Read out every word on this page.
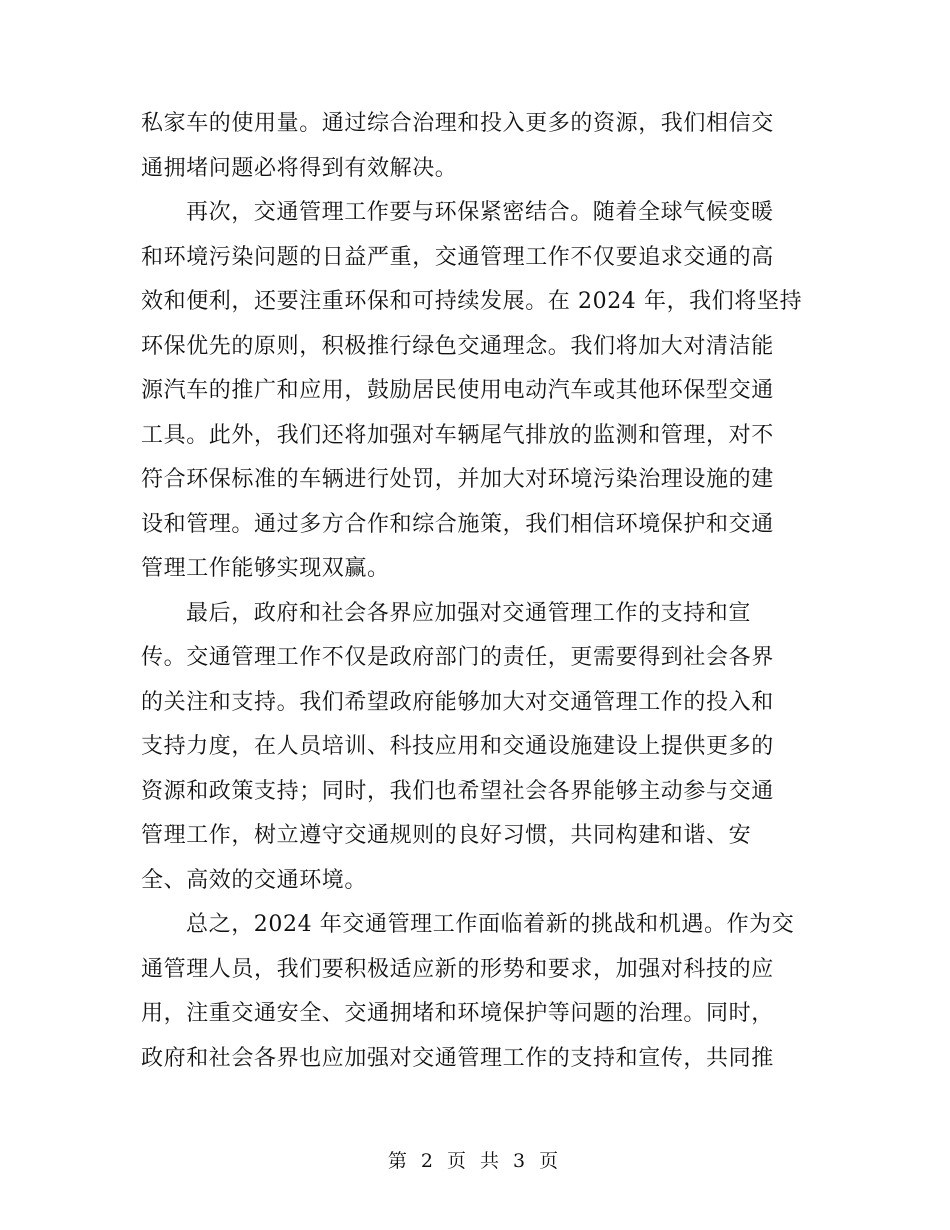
私家车的使用量。通过综合治理和投入更多的资源，我们相信交
通拥堵问题必将得到有效解决。
再次，交通管理工作要与环保紧密结合。随着全球气候变暖
和环境污染问题的日益严重，交通管理工作不仅要追求交通的高
效和便利，还要注重环保和可持续发展。在 2024 年，我们将坚持
环保优先的原则，积极推行绿色交通理念。我们将加大对清洁能
源汽车的推广和应用，鼓励居民使用电动汽车或其他环保型交通
工具。此外，我们还将加强对车辆尾气排放的监测和管理，对不
符合环保标准的车辆进行处罚，并加大对环境污染治理设施的建
设和管理。通过多方合作和综合施策，我们相信环境保护和交通
管理工作能够实现双赢。
最后，政府和社会各界应加强对交通管理工作的支持和宣
传。交通管理工作不仅是政府部门的责任，更需要得到社会各界
的关注和支持。我们希望政府能够加大对交通管理工作的投入和
支持力度，在人员培训、科技应用和交通设施建设上提供更多的
资源和政策支持；同时，我们也希望社会各界能够主动参与交通
管理工作，树立遵守交通规则的良好习惯，共同构建和谐、安
全、高效的交通环境。
总之，2024 年交通管理工作面临着新的挑战和机遇。作为交
通管理人员，我们要积极适应新的形势和要求，加强对科技的应
用，注重交通安全、交通拥堵和环境保护等问题的治理。同时，
政府和社会各界也应加强对交通管理工作的支持和宣传，共同推
第 2 页 共 3 页
